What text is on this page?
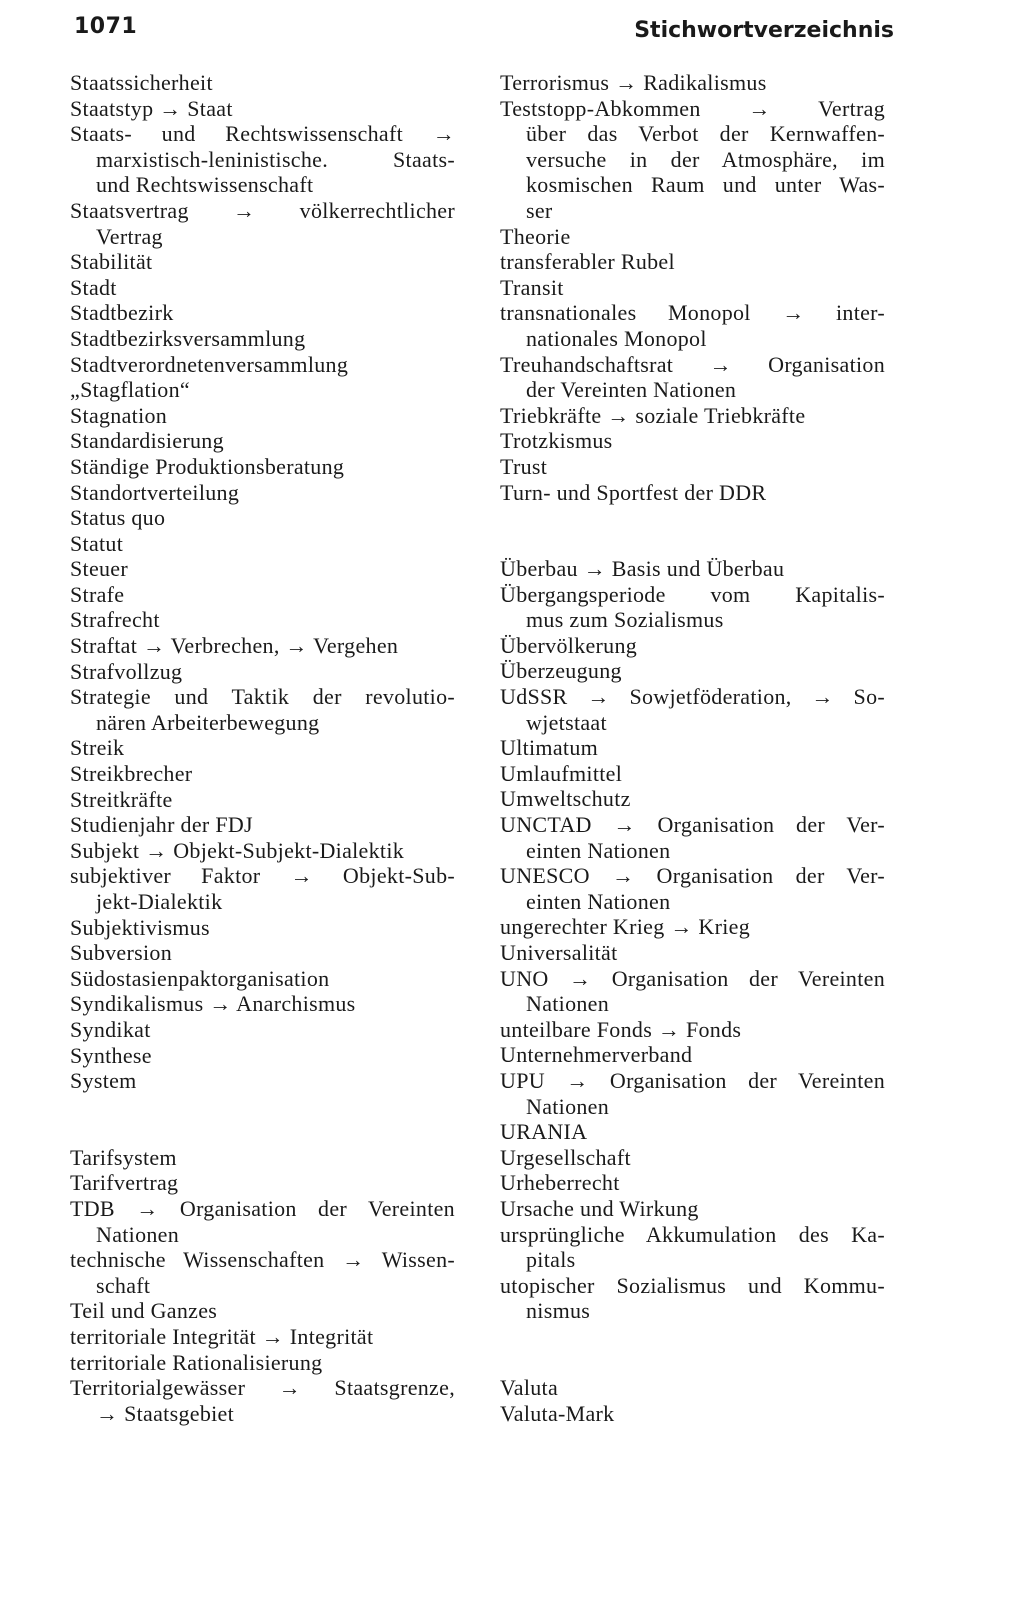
1071	Stichwortverzeichnis
Staatssicherheit
Staatstyp → Staat
Staats- und Rechtswissenschaft →
marxistisch-leninistische. Staats-
und Rechtswissenschaft
Staatsvertrag → völkerrechtlicher
Vertrag
Stabilität
Stadt
Stadtbezirk
Stadtbezirksversammlung
Stadtverordnetenversammlung
„Stagflation“
Stagnation
Standardisierung
Ständige Produktionsberatung
Standortverteilung
Status quo
Statut
Steuer
Strafe
Strafrecht
Straftat → Verbrechen, → Vergehen
Strafvollzug
Strategie und Taktik der revolutio-
nären Arbeiterbewegung
Streik
Streikbrecher
Streitkräfte
Studienjahr der FDJ
Subjekt → Objekt-Subjekt-Dialektik
subjektiver Faktor → Objekt-Sub-
jekt-Dialektik
Subjektivismus
Subversion
Südostasienpaktorganisation
Syndikalismus → Anarchismus
Syndikat
Synthese
System
Tarifsystem
Tarifvertrag
TDB → Organisation der Vereinten
Nationen
technische Wissenschaften → Wissen-
schaft
Teil und Ganzes
territoriale Integrität → Integrität
territoriale Rationalisierung
Territorialgewässer → Staatsgrenze,
→ Staatsgebiet
Terrorismus → Radikalismus
Teststopp-Abkommen → Vertrag
über das Verbot der Kernwaffen-
versuche in der Atmosphäre, im
kosmischen Raum und unter Was-
ser
Theorie
transferabler Rubel
Transit
transnationales Monopol → inter-
nationales Monopol
Treuhandschaftsrat → Organisation
der Vereinten Nationen
Triebkräfte → soziale Triebkräfte
Trotzkismus
Trust
Turn- und Sportfest der DDR
Überbau → Basis und Überbau
Übergangsperiode vom Kapitalis-
mus zum Sozialismus
Übervölkerung
Überzeugung
UdSSR → Sowjetföderation, → So-
wjetstaat
Ultimatum
Umlaufmittel
Umweltschutz
UNCTAD → Organisation der Ver-
einten Nationen
UNESCO → Organisation der Ver-
einten Nationen
ungerechter Krieg → Krieg
Universalität
UNO → Organisation der Vereinten
Nationen
unteilbare Fonds → Fonds
Unternehmerverband
UPU → Organisation der Vereinten
Nationen
URANIA
Urgesellschaft
Urheberrecht
Ursache und Wirkung
ursprüngliche Akkumulation des Ka-
pitals
utopischer Sozialismus und Kommu-
nismus
Valuta
Valuta-Mark
